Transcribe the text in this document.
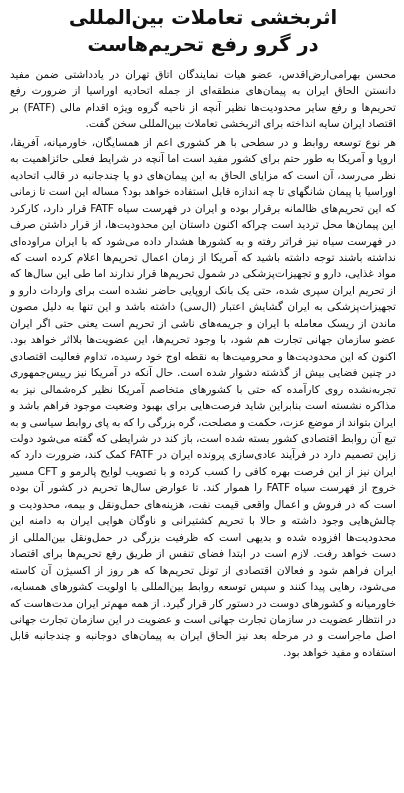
اثربخشی تعاملات بین‌المللی
در گرو رفع تحریم‌هاست

محسن بهرامی‌ارض‌اقدس، عضو هیات نمایندگان اتاق تهران در یادداشتی ضمن مفید دانستن الحاق ایران به پیمان‌های منطقه‌ای از جمله اتحادیه اوراسیا از ضرورت رفع تحریم‌ها و رفع سایر محدودیت‌ها نظیر آنچه از ناحیه گروه ویژه اقدام مالی (FATF) بر اقتصاد ایران سایه انداخته برای اثربخشی تعاملات بین‌المللی سخن گفت.

هر نوع توسعه روابط و در سطحی با هر کشوری اعم از همسایگان، خاورمیانه، آفریقا، اروپا و آمریکا به طور حتم برای کشور مفید است اما آنچه در شرایط فعلی حائزاهمیت به نظر می‌رسد، آن است که مزایای الحاق به این پیمان‌های دو یا چندجانبه در قالب اتحادیه اوراسیا یا پیمان شانگهای تا چه اندازه قابل استفاده خواهد بود؟ مساله این است تا زمانی که این تحریم‌های ظالمانه برقرار بوده و ایران در فهرست سیاه FATF قرار دارد، کارکرد این پیمان‌ها محل تردید است چراکه اکنون داستان این محدودیت‌ها، از قرار داشتن صرف در فهرست سیاه نیز فراتر رفته و به کشورها هشدار داده می‌شود که با ایران مراوده‌ای نداشته باشند توجه داشته باشید که آمریکا از زمان اعمال تحریم‌ها اعلام کرده است که مواد غذایی، دارو و تجهیزات‌پزشکی در شمول تحریم‌ها قرار ندارند اما طی این سال‌ها که از تحریم ایران سپری شده، حتی یک بانک اروپایی حاضر نشده است برای واردات دارو و تجهیزات‌پزشکی به ایران گشایش اعتبار (ال‌سی) داشته باشد و این تنها به دلیل مصون ماندن از ریسک معامله با ایران و جریمه‌های ناشی از تحریم است یعنی حتی اگر ایران عضو سازمان جهانی تجارت هم شود، با وجود تحریم‌ها، این عضویت‌ها بلااثر خواهد بود. اکنون که این محدودیت‌ها و محرومیت‌ها به نقطه اوج خود رسیده، تداوم فعالیت اقتصادی در چنین فضایی بیش از گذشته دشوار شده است. حال آنکه در آمریکا نیز رییس‌جمهوری تجربه‌نشده روی کارآمده که حتی با کشورهای متخاصم آمریکا نظیر کره‌شمالی نیز به مذاکره نشسته است بنابراین شاید فرصت‌هایی برای بهبود وضعیت موجود فراهم باشد و ایران بتواند از موضع عزت، حکمت و مصلحت، گره بزرگی را که به پای روابط سیاسی و به تبع آن روابط اقتصادی کشور بسته شده است، باز کند در شرایطی که گفته می‌شود دولت زاپن تصمیم دارد در فرآیند عادی‌سازی پرونده ایران در FATF کمک کند، ضرورت دارد که ایران نیز از این فرصت بهره کافی را کسب کرده و با تصویب لوایح پالرمو و CFT مسیر خروج از فهرست سیاه FATF را هموار کند. تا عوارض سال‌ها تحریم در کشور آن بوده است که در فروش و اعمال واقعی قیمت نفت، هزینه‌های حمل‌ونقل و بیمه، محدودیت و چالش‌هایی وجود داشته و حالا با تحریم کشتیرانی و ناوگان هوایی ایران به دامنه این محدودیت‌ها افزوده شده و بدیهی است که ظرفیت بزرگی در حمل‌ونقل بین‌المللی از دست خواهد رفت. لازم است در ابتدا فضای تنفس از طریق رفع تحریم‌ها برای اقتصاد ایران فراهم شود و فعالان اقتصادی از تونل تحریم‌ها که هر روز از اکسیژن آن کاسته می‌شود، رهایی پیدا کنند و سپس توسعه روابط بین‌المللی با اولویت کشورهای همسایه، خاورمیانه و کشورهای دوست در دستور کار قرار گیرد. از همه مهم‌تر ایران مدت‌هاست که در انتظار عضویت در سازمان تجارت جهانی است و عضویت در این سازمان تجارت جهانی اصل ماجراست و در مرحله بعد نیز الحاق ایران به پیمان‌های دوجانبه و چندجانبه قابل استفاده و مفید خواهد بود.
